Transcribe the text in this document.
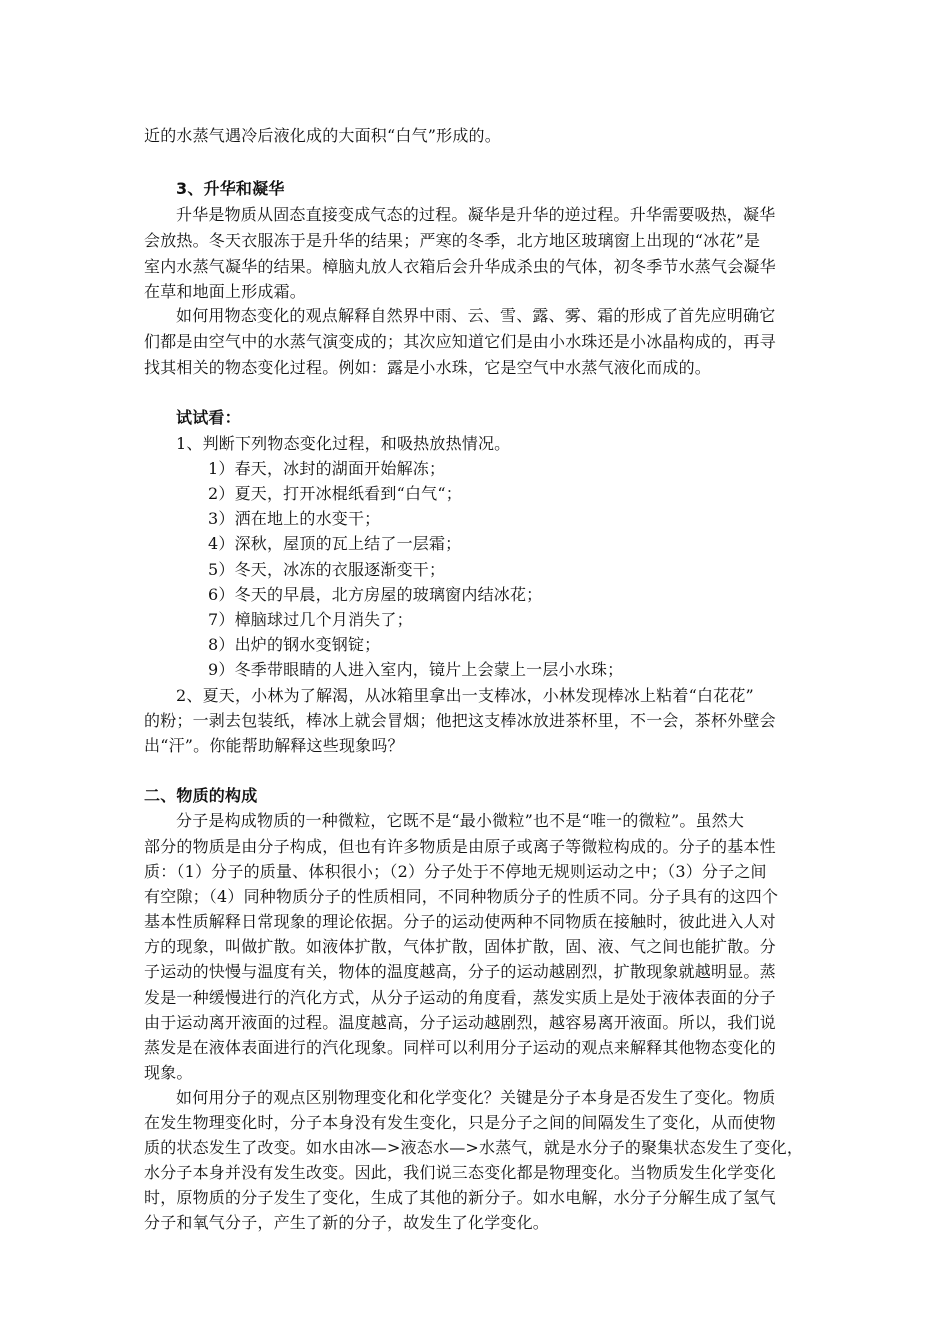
近的水蒸气遇冷后液化成的大面积“白气”形成的。
3、升华和凝华
升华是物质从固态直接变成气态的过程。凝华是升华的逆过程。升华需要吸热，凝华
会放热。冬天衣服冻于是升华的结果；严寒的冬季，北方地区玻璃窗上出现的“冰花”是
室内水蒸气凝华的结果。樟脑丸放人衣箱后会升华成杀虫的气体，初冬季节水蒸气会凝华
在草和地面上形成霜。
如何用物态变化的观点解释自然界中雨、云、雪、露、雾、霜的形成了首先应明确它
们都是由空气中的水蒸气演变成的；其次应知道它们是由小水珠还是小冰晶构成的，再寻
找其相关的物态变化过程。例如：露是小水珠，它是空气中水蒸气液化而成的。
试试看：
1、判断下列物态变化过程，和吸热放热情况。
1）春天，冰封的湖面开始解冻；
2）夏天，打开冰棍纸看到“白气“；
3）洒在地上的水变干；
4）深秋，屋顶的瓦上结了一层霜；
5）冬天，冰冻的衣服逐渐变干；
6）冬天的早晨，北方房屋的玻璃窗内结冰花；
7）樟脑球过几个月消失了；
8）出炉的钢水变钢锭；
9）冬季带眼睛的人进入室内，镜片上会蒙上一层小水珠；
2、夏天，小林为了解渴，从冰箱里拿出一支棒冰，小林发现棒冰上粘着“白花花”
的粉；一剥去包装纸，棒冰上就会冒烟；他把这支棒冰放进茶杯里，不一会，茶杯外壁会
出“汗”。你能帮助解释这些现象吗？
二、物质的构成
分子是构成物质的一种微粒，它既不是“最小微粒”也不是“唯一的微粒”。虽然大
部分的物质是由分子构成，但也有许多物质是由原子或离子等微粒构成的。分子的基本性
质：（1）分子的质量、体积很小；（2）分子处于不停地无规则运动之中；（3）分子之间
有空隙；（4）同种物质分子的性质相同，不同种物质分子的性质不同。分子具有的这四个
基本性质解释日常现象的理论依据。分子的运动使两种不同物质在接触时，彼此进入人对
方的现象，叫做扩散。如液体扩散，气体扩散，固体扩散，固、液、气之间也能扩散。分
子运动的快慢与温度有关，物体的温度越高，分子的运动越剧烈，扩散现象就越明显。蒸
发是一种缓慢进行的汽化方式，从分子运动的角度看，蒸发实质上是处于液体表面的分子
由于运动离开液面的过程。温度越高，分子运动越剧烈，越容易离开液面。所以，我们说
蒸发是在液体表面进行的汽化现象。同样可以利用分子运动的观点来解释其他物态变化的
现象。
如何用分子的观点区别物理变化和化学变化？关键是分子本身是否发生了变化。物质
在发生物理变化时，分子本身没有发生变化，只是分子之间的间隔发生了变化，从而使物
质的状态发生了改变。如水由冰—>液态水—>水蒸气，就是水分子的聚集状态发生了变化，
水分子本身并没有发生改变。因此，我们说三态变化都是物理变化。当物质发生化学变化
时，原物质的分子发生了变化，生成了其他的新分子。如水电解，水分子分解生成了氢气
分子和氧气分子，产生了新的分子，故发生了化学变化。
